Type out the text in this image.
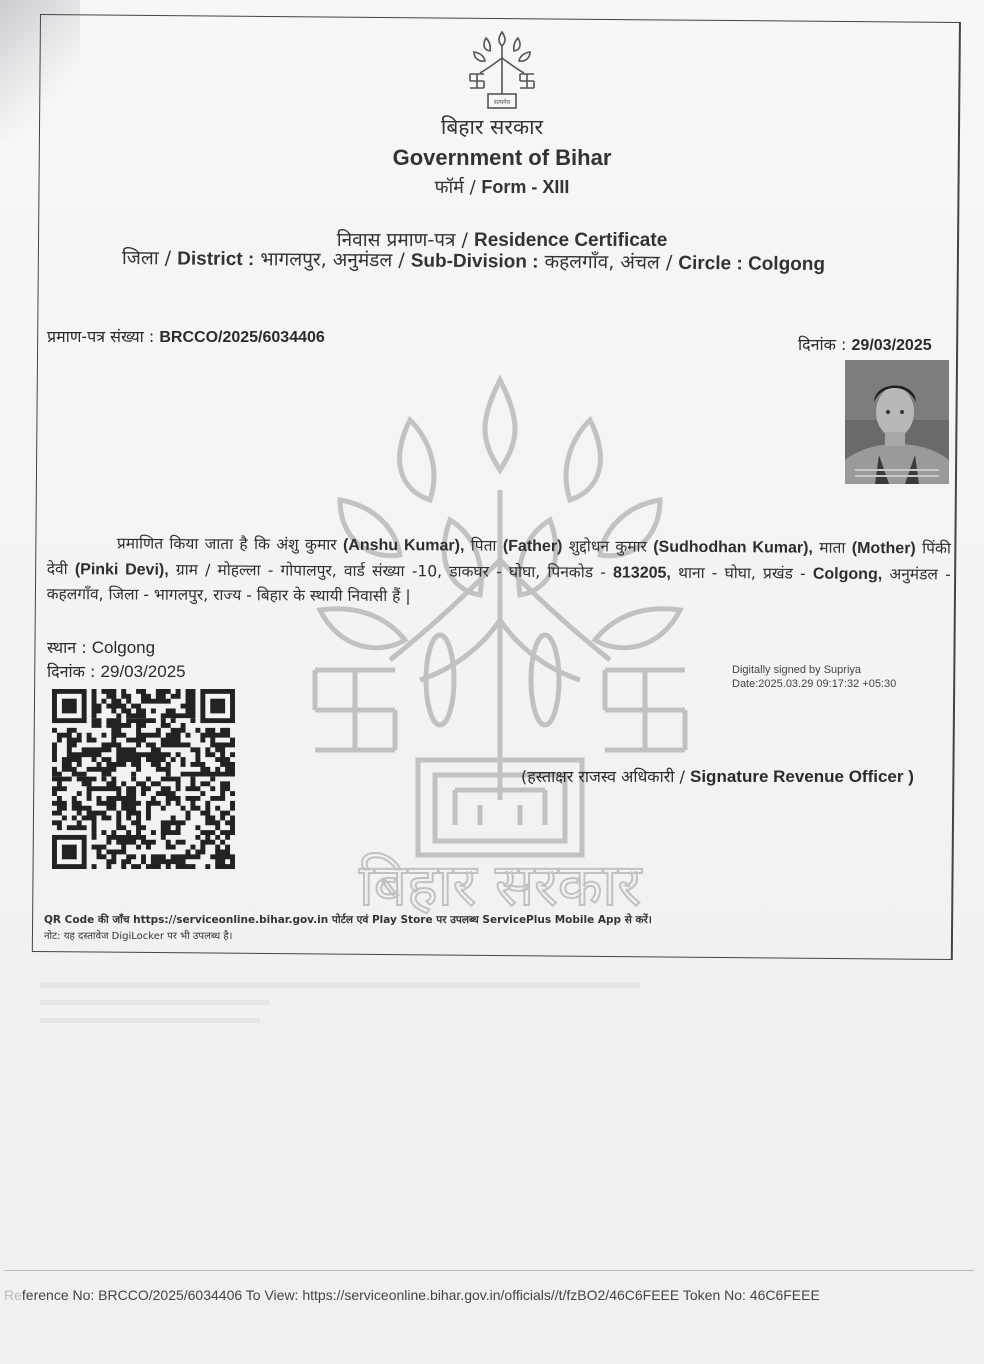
बिहार सरकार
सत्यमेव
बिहार सरकार
Government of Bihar
फॉर्म / Form - XIII
निवास प्रमाण-पत्र / Residence Certificate
जिला / District : भागलपुर, अनुमंडल / Sub-Division : कहलगाँव, अंचल / Circle : Colgong
प्रमाण-पत्र संख्या : BRCCO/2025/6034406	दिनांक : 29/03/2025
प्रमाणित किया जाता है कि अंशु कुमार (Anshu Kumar), पिता (Father) शुद्दोधन कुमार (Sudhodhan Kumar), माता (Mother) पिंकी देवी (Pinki Devi), ग्राम / मोहल्ला - गोपालपुर, वार्ड संख्या -10, डाकघर - घोघा, पिनकोड - 813205, थाना - घोघा, प्रखंड - Colgong, अनुमंडल - कहलगाँव, जिला - भागलपुर, राज्य - बिहार के स्थायी निवासी हैं |
स्थान : Colgong
दिनांक : 29/03/2025	Digitally signed by Supriya
Date:2025.03.29 09:17:32 +05:30
(हस्ताक्षर राजस्व अधिकारी / Signature Revenue Officer )
QR Code की जाँच https://serviceonline.bihar.gov.in पोर्टल एवं Play Store पर उपलब्ध ServicePlus Mobile App से करें।
नोट: यह दस्तावेज DigiLocker पर भी उपलब्ध है।
Reference No: BRCCO/2025/6034406 To View: https://serviceonline.bihar.gov.in/officials//t/fzBO2/46C6FEEE Token No: 46C6FEEE
